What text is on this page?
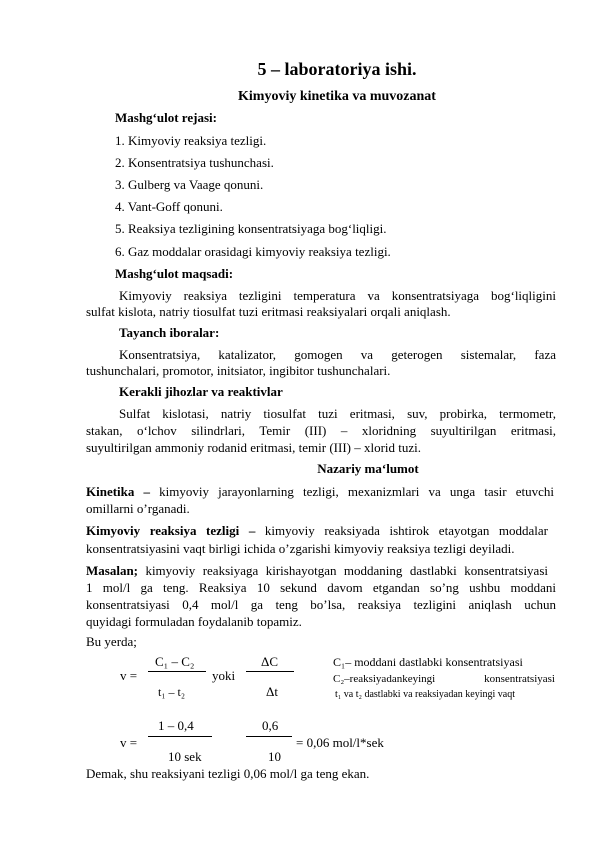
5 – laboratoriya ishi.
Kimyoviy kinetika va muvozanat
Mashg‘ulot rejasi:
1. Kimyoviy reaksiya tezligi.
2. Konsentratsiya tushunchasi.
3. Gulberg va Vaage qonuni.
4. Vant-Goff qonuni.
5. Reaksiya tezligining konsentratsiyaga bog‘liqligi.
6. Gaz moddalar orasidagi kimyoviy reaksiya tezligi.
Mashg‘ulot maqsadi:
Kimyoviy reaksiya tezligini temperatura va konsentratsiyaga bog‘liqligini
sulfat kislota, natriy tiosulfat tuzi eritmasi reaksiyalari orqali aniqlash.
Tayanch iboralar:
Konsentratsiya, katalizator, gomogen va geterogen sistemalar, faza
tushunchalari, promotor, initsiator, ingibitor tushunchalari.
Kerakli jihozlar va reaktivlar
Sulfat kislotasi, natriy tiosulfat tuzi eritmasi, suv, probirka, termometr,
stakan, o‘lchov silindrlari, Temir (III) – xloridning suyultirilgan eritmasi,
suyultirilgan ammoniy rodanid eritmasi, temir (III) – xlorid tuzi.
Nazariy ma‘lumot
Kinetika – kimyoviy jarayonlarning tezligi, mexanizmlari va unga tasir etuvchi
omillarni o’rganadi.
Kimyoviy reaksiya tezligi – kimyoviy reaksiyada ishtirok etayotgan moddalar
konsentratsiyasini vaqt birligi ichida o’zgarishi kimyoviy reaksiya tezligi deyiladi.
Masalan; kimyoviy reaksiyaga kirishayotgan moddaning dastlabki konsentratsiyasi
1 mol/l ga teng. Reaksiya 10 sekund davom etgandan so’ng ushbu moddani
konsentratsiyasi 0,4 mol/l ga teng bo’lsa, reaksiya tezligini aniqlash uchun
quyidagi formuladan foydalanib topamiz.
Bu yerda;
C₁ – C₂
v =
t₁ – t₂
yoki
ΔC
Δt
C₁– moddani dastlabki konsentratsiyasi
C₂–reaksiyadankeyingi	konsentratsiyasi
t₁ va t₂ dastlabki va reaksiyadan keyingi vaqt
1 – 0,4
v =
10 sek
0,6
10
= 0,06 mol/l*sek
Demak, shu reaksiyani tezligi 0,06 mol/l ga teng ekan.
